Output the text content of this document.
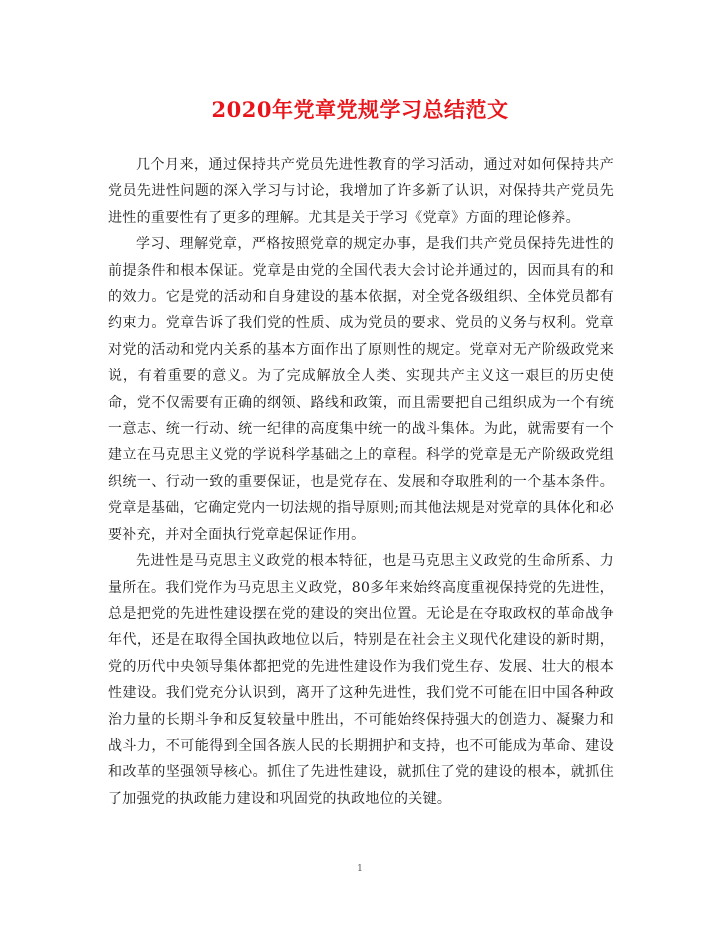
2020年党章党规学习总结范文

几个月来，通过保持共产党员先进性教育的学习活动，通过对如何保持共产党员先进性问题的深入学习与讨论，我增加了许多新了认识，对保持共产党员先进性的重要性有了更多的理解。尤其是关于学习《党章》方面的理论修养。

学习、理解党章，严格按照党章的规定办事，是我们共产党员保持先进性的前提条件和根本保证。党章是由党的全国代表大会讨论并通过的，因而具有的和的效力。它是党的活动和自身建设的基本依据，对全党各级组织、全体党员都有约束力。党章告诉了我们党的性质、成为党员的要求、党员的义务与权利。党章对党的活动和党内关系的基本方面作出了原则性的规定。党章对无产阶级政党来说，有着重要的意义。为了完成解放全人类、实现共产主义这一艰巨的历史使命，党不仅需要有正确的纲领、路线和政策，而且需要把自己组织成为一个有统一意志、统一行动、统一纪律的高度集中统一的战斗集体。为此，就需要有一个建立在马克思主义党的学说科学基础之上的章程。科学的党章是无产阶级政党组织统一、行动一致的重要保证，也是党存在、发展和夺取胜利的一个基本条件。党章是基础，它确定党内一切法规的指导原则;而其他法规是对党章的具体化和必要补充，并对全面执行党章起保证作用。

先进性是马克思主义政党的根本特征，也是马克思主义政党的生命所系、力量所在。我们党作为马克思主义政党，80多年来始终高度重视保持党的先进性，总是把党的先进性建设摆在党的建设的突出位置。无论是在夺取政权的革命战争年代，还是在取得全国执政地位以后，特别是在社会主义现代化建设的新时期，党的历代中央领导集体都把党的先进性建设作为我们党生存、发展、壮大的根本性建设。我们党充分认识到，离开了这种先进性，我们党不可能在旧中国各种政治力量的长期斗争和反复较量中胜出，不可能始终保持强大的创造力、凝聚力和战斗力，不可能得到全国各族人民的长期拥护和支持，也不可能成为革命、建设和改革的坚强领导核心。抓住了先进性建设，就抓住了党的建设的根本，就抓住了加强党的执政能力建设和巩固党的执政地位的关键。

1
